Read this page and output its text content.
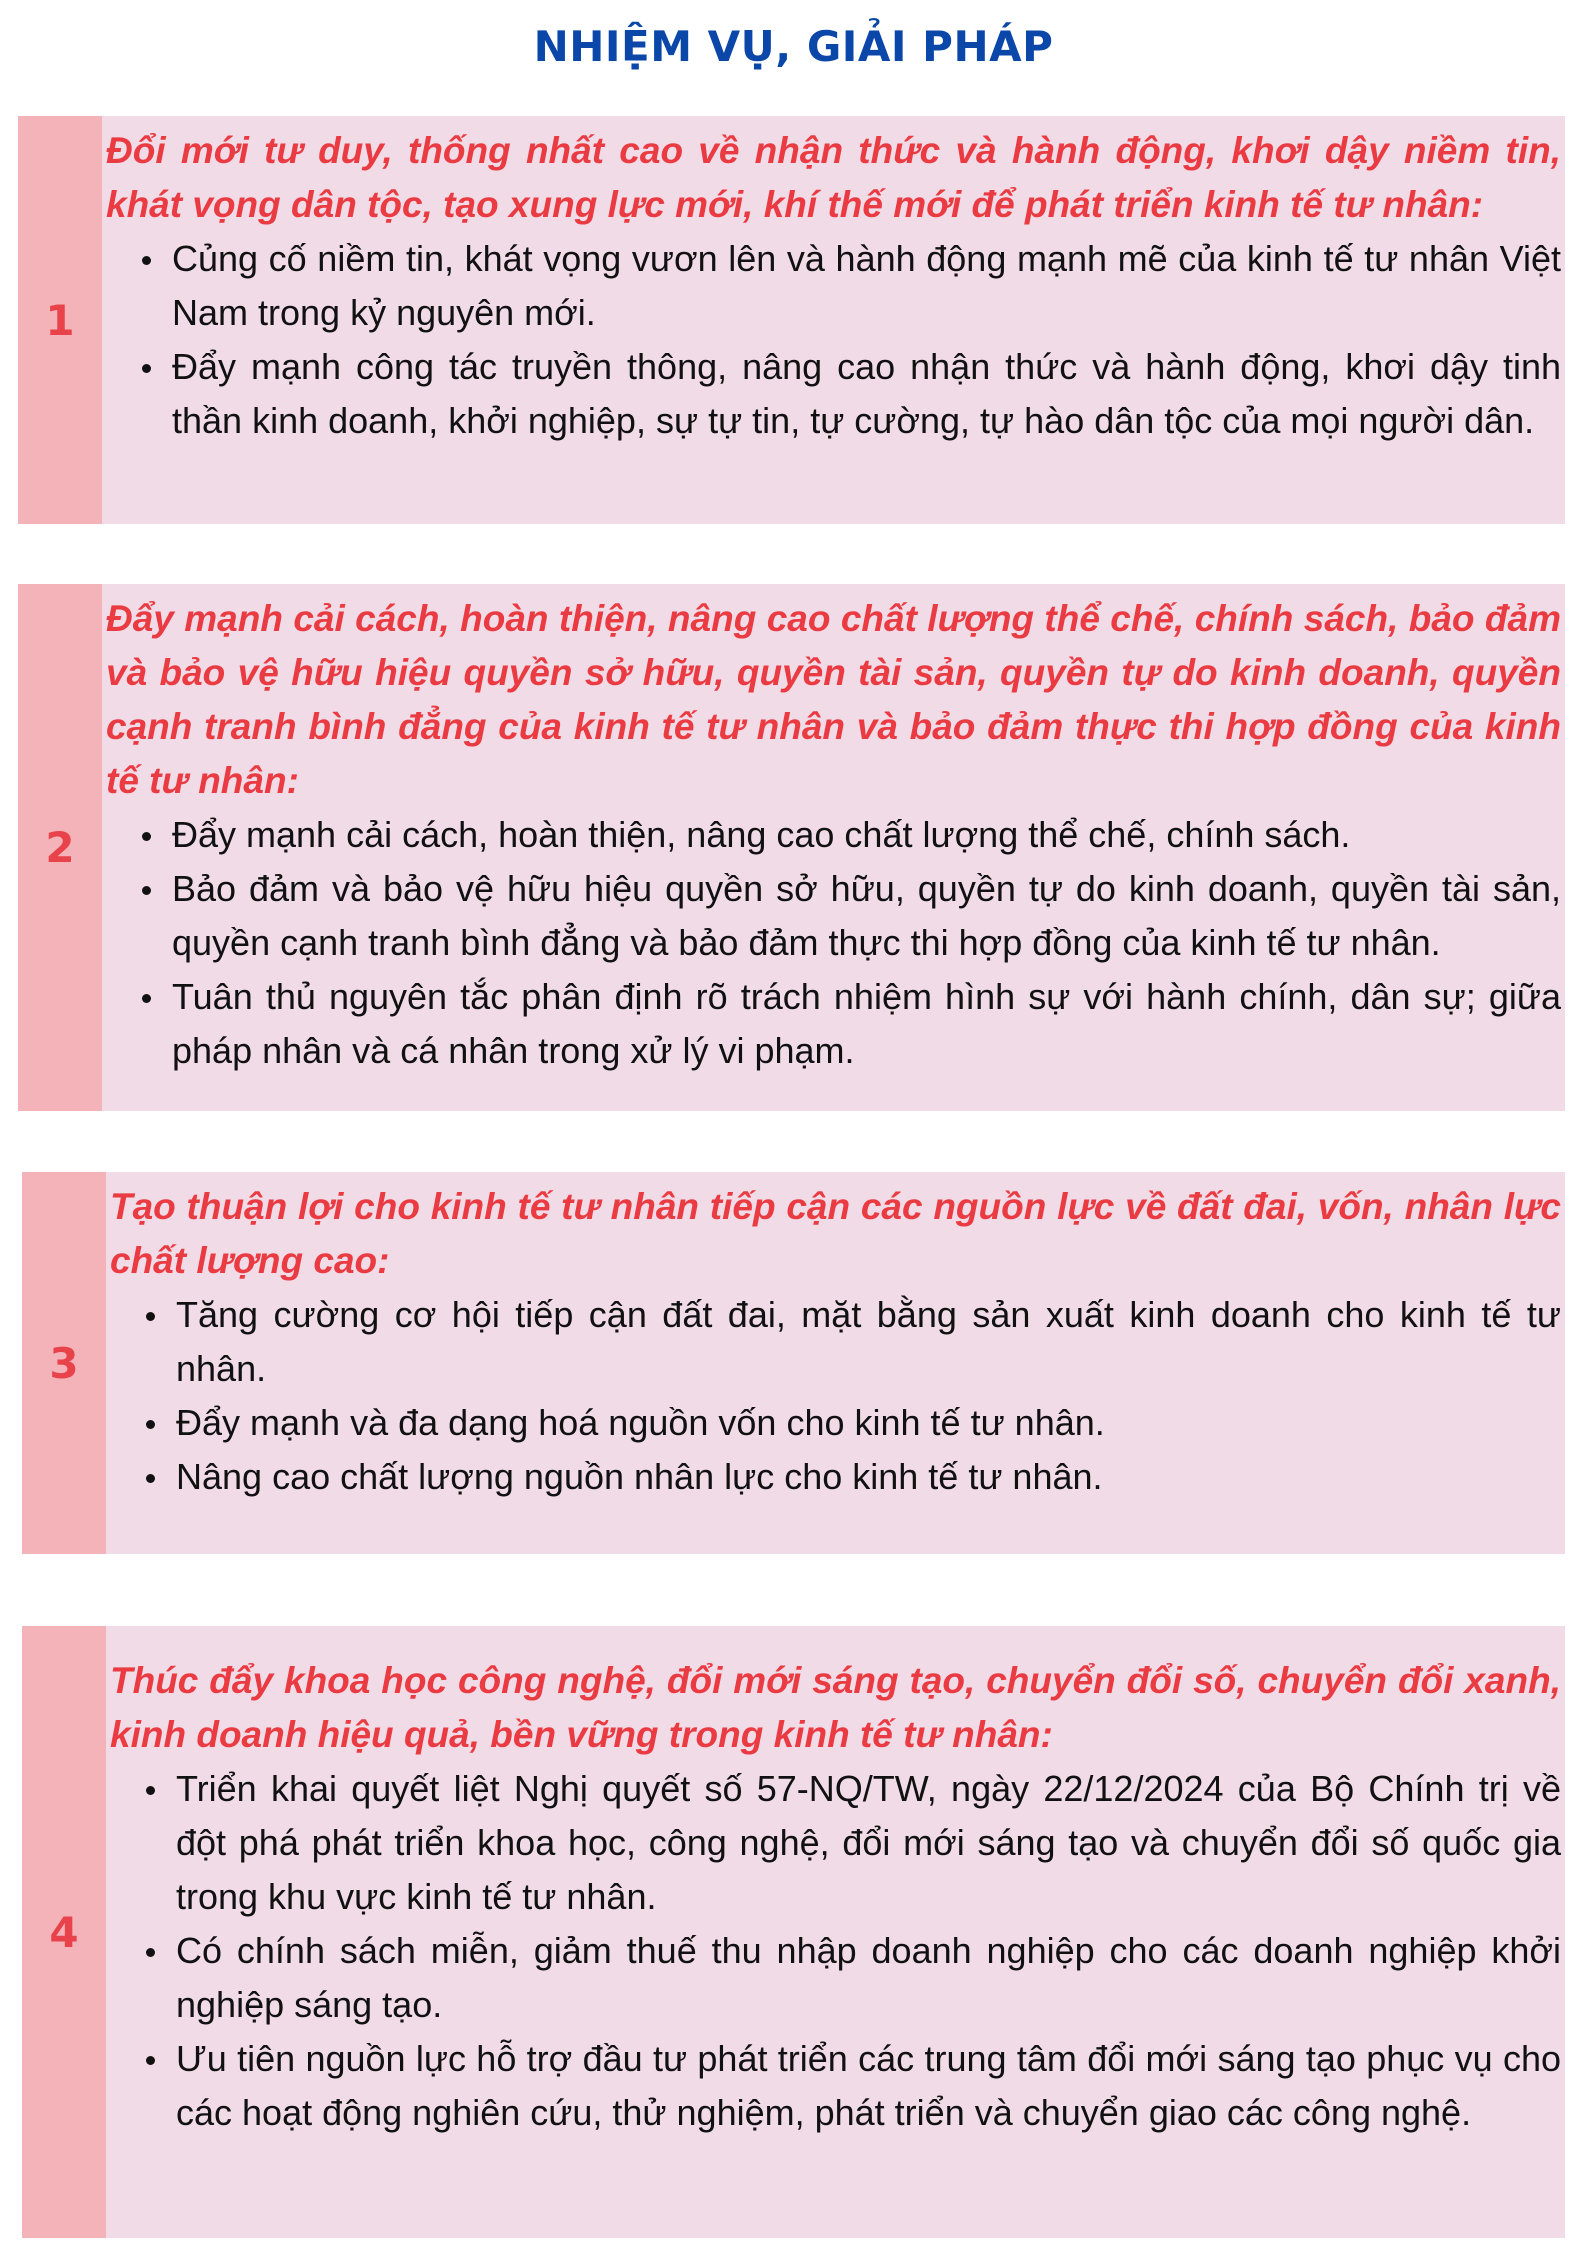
NHIỆM VỤ, GIẢI PHÁP
1

Đổi mới tư duy, thống nhất cao về nhận thức và hành động, khơi dậy niềm tin, khát vọng dân tộc, tạo xung lực mới, khí thế mới để phát triển kinh tế tư nhân:

Củng cố niềm tin, khát vọng vươn lên và hành động mạnh mẽ của kinh tế tư nhân Việt Nam trong kỷ nguyên mới.
Đẩy mạnh công tác truyền thông, nâng cao nhận thức và hành động, khơi dậy tinh thần kinh doanh, khởi nghiệp, sự tự tin, tự cường, tự hào dân tộc của mọi người dân.
2

Đẩy mạnh cải cách, hoàn thiện, nâng cao chất lượng thể chế, chính sách, bảo đảm và bảo vệ hữu hiệu quyền sở hữu, quyền tài sản, quyền tự do kinh doanh, quyền cạnh tranh bình đẳng của kinh tế tư nhân và bảo đảm thực thi hợp đồng của kinh tế tư nhân:

Đẩy mạnh cải cách, hoàn thiện, nâng cao chất lượng thể chế, chính sách.
Bảo đảm và bảo vệ hữu hiệu quyền sở hữu, quyền tự do kinh doanh, quyền tài sản, quyền cạnh tranh bình đẳng và bảo đảm thực thi hợp đồng của kinh tế tư nhân.
Tuân thủ nguyên tắc phân định rõ trách nhiệm hình sự với hành chính, dân sự; giữa pháp nhân và cá nhân trong xử lý vi phạm.
3

Tạo thuận lợi cho kinh tế tư nhân tiếp cận các nguồn lực về đất đai, vốn, nhân lực chất lượng cao:

Tăng cường cơ hội tiếp cận đất đai, mặt bằng sản xuất kinh doanh cho kinh tế tư nhân.
Đẩy mạnh và đa dạng hoá nguồn vốn cho kinh tế tư nhân.
Nâng cao chất lượng nguồn nhân lực cho kinh tế tư nhân.
4

Thúc đẩy khoa học công nghệ, đổi mới sáng tạo, chuyển đổi số, chuyển đổi xanh, kinh doanh hiệu quả, bền vững trong kinh tế tư nhân:

Triển khai quyết liệt Nghị quyết số 57-NQ/TW, ngày 22/12/2024 của Bộ Chính trị về đột phá phát triển khoa học, công nghệ, đổi mới sáng tạo và chuyển đổi số quốc gia trong khu vực kinh tế tư nhân.
Có chính sách miễn, giảm thuế thu nhập doanh nghiệp cho các doanh nghiệp khởi nghiệp sáng tạo.
Ưu tiên nguồn lực hỗ trợ đầu tư phát triển các trung tâm đổi mới sáng tạo phục vụ cho các hoạt động nghiên cứu, thử nghiệm, phát triển và chuyển giao các công nghệ.
